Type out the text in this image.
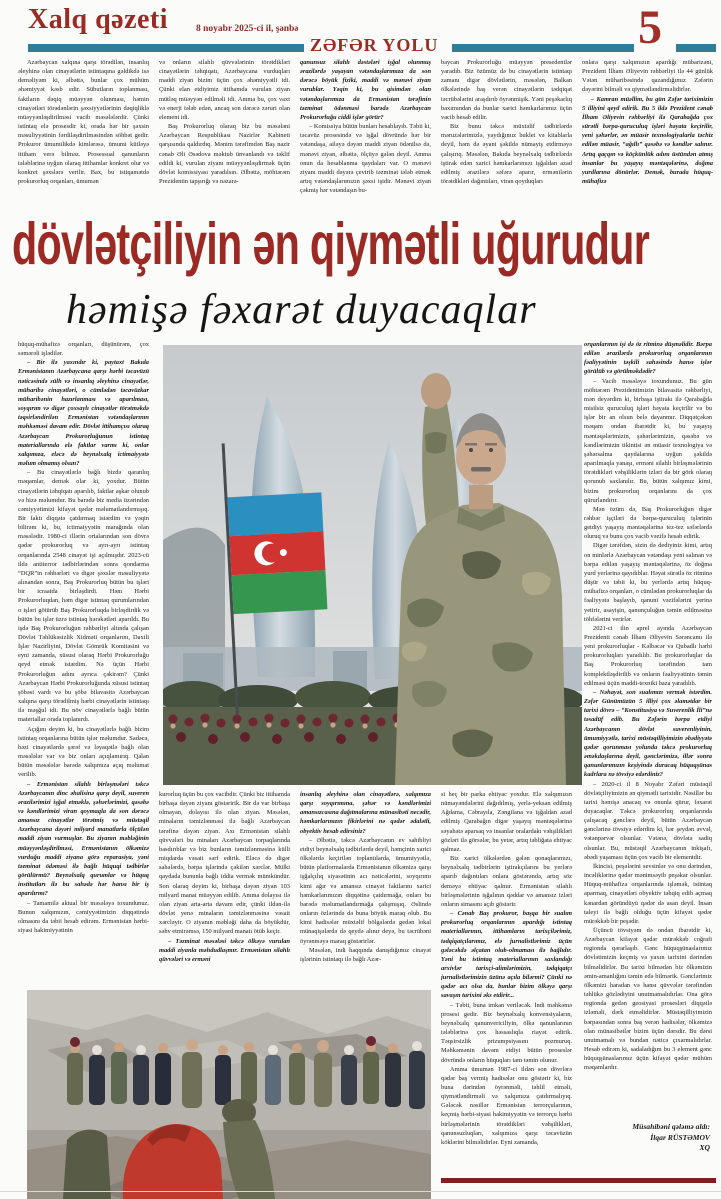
Xalq qəzeti	8 noyabr 2025-ci il, şənbə
ZƏFƏR YOLU	5

Azərbaycan xalqına qarşı törədilən, insanlıq əleyhinə olan cinayətlərin istintaqına gəldikdə isə deməliyəm ki, əlbəttə, bunlar çox mühüm əhəmiyyət kəsb edir. Sübutların toplanması, faktların dəqiq müəyyən olunması, həmin cinayətləri törədənlərin şəxsiyyətlərinin dəqiqliklə müəyyənləşdirilməsi vacib məsələlərdir. Çünki istintaq elə prosesdir ki, orada hər bir şəxsin məsuliyyətinin fərdiləşdirilməsindən söhbət gedir. Prokuror ümumilikdə kimlərəsə, ümumi kütləyə ittiham verə bilməz. Prosessual qanunların tələblərinə uyğun olaraq ittihamlar konkret olur və konkret şəxslərə verilir. Bax, bu istiqamətdə prokurorluq orqanları, ümumən

və onların silahlı qüvvələrinin törətdikləri cinayətlərin təhqiqatı, Azərbaycana vurduqları maddi ziyan bizim üçün çox əhəmiyyətli idi. Çünki elan etdiyimiz ittihamda vurulan ziyan mütləq müəyyən edilməli idi. Amma bu, çox vaxt və enerji tələb edən, ancaq son dərəcə zəruri olan element idi.

Baş Prokurorluq olaraq biz bu məsələni Azərbaycan Respublikası Nazirlər Kabineti qarşısında qaldırdıq. Mənim tərəfimdən Baş nazir cənab Əli Əsədova məktub ünvanlandı və təklif edildi ki, vurulan ziyanı müəyyənləşdirmək üçün dövlət komissiyası yaradılsın. Əlbəttə, möhtərəm Prezidentin tapşırığı və nəzarə-

qanunsuz silahlı dəstələri işğal olunmuş ərazilərdə yaşayan vətəndaşlarımıza da son dərəcə böyük fiziki, maddi və mənəvi ziyan vurublar. Yəqin ki, bu qisimdən olan vətəndaşlarımıza da Ermənistan tərəfinin təzminat ödənməsi barədə Azərbaycan Prokurorluğu ciddi işlər görür?

– Komissiya bütün bunları hesablayıb. Təbii ki, təcavüz prosesində və işğal dövründə hər bir vətəndaşa, ailəyə dəyən maddi ziyan ödənilsə də, mənəvi ziyan, əlbəttə, ölçüyə gələn deyil. Amma onun da hesablanma qaydaları var. O mənəvi ziyanı maddi dəyərə çevirib təzminat tələb etmək artıq vətəndaşlarımızın şəxsi işidir. Mənəvi ziyan çəkmiş hər vətəndaşın bu-

baycan Prokurorluğu müəyyən presedentlər yaradıb. Biz özümüz də bu cinayətlərin istintaqı zamanı digər dövlətlərin, məsələn, Balkan ölkələrində baş verən cinayətlərin tədqiqat təcrübələrini araşdırıb öyrənmişik. Yəni peşəkarlıq baxımından da bunlar xarici həmkarlarımız üçün vacib hesab edilir.

Biz bunu təkcə müxtəlif tədbirlərdə məruzələrimizlə, yaydığımız buklet və kitablarla deyil, həm də əyani şəkildə nümayiş etdirməyə çalışırıq. Məsələn, Bakıda beynəlxalq tədbirlərdə iştirak edən xarici həmkarlarımızı işğaldan azad edilmiş ərazilərə səfərə aparır, ermənilərin törətdikləri dağıntıları, viran qoyduqları

onlara qarşı xalqımızın apardığı mübarizəni, Prezident İlham Əliyevin rəhbərliyi ilə 44 günlük Vətən müharibəsində qazandığımız Zəfərin dəyərini bilməli və qiymətləndirməlidirlər.

– Kamran müəllim, bu gün Zəfər tariximizin 5 illiyini qeyd edirik. Bu 5 ildə Prezident cənab İlham Əliyevin rəhbərliyi ilə Qarabağda çox sürətli bərpa-quruculuq işləri həyata keçirilir, yeni şəhərlər, ən müasir texnologiyalarla təchiz edilən müasir, “ağıllı” qəsəbə və kəndlər salınır. Artıq qaçqın və köçkünlük adını üstündən atmış insanlar bu yaşayış məntəqələrinə, doğma yurdlarına dönürlər. Demək, burada hüquq-mühafizə

dövlətçiliyin ən qiymətli uğurudur
həmişə fəxarət duyacaqlar

hüquq-mühafizə orqanları, düşünürəm, çox səmərəli işlədilər.

– Bir ilə yaxındır ki, paytaxt Bakıda Ermənistanın Azərbaycana qarşı hərbi təcavüzü nəticəsində sülh və insanlıq əleyhinə cinayətlər, müharibə cinayətləri, o cümlədən təcavüzkar müharibənin hazırlanması və aparılması, soyqırım və digər çoxsaylı cinayətlər törətməkdə təqsirləndirilən Ermənistan vətəndaşlarının məhkəməsi davam edir. Dövlət ittihamçısı olaraq Azərbaycan Prokurorluğunun istintaq materiallarında elə faktlar varmı ki, onlar xalqımıza, eləcə də beynəlxalq ictimaiyyətə məlum olmamış olsun?

– Bu cinayətlərlə bağlı bizdə qaranlıq məqamlar, demək olar ki, yoxdur. Bütün cinayətlərin təhqiqatı aparılıb, faktlar aşkar olunub və bizə məlumdur. Bu barədə biz media üzərindən cəmiyyətimizi kifayət qədər məlumatlandırmışıq. Bir faktı diqqətə çatdırmaq istərdim və yəqin bilirəm ki, bu, ictimaiyyətin marağında olan məsələdir. 1980-ci illərin ortalarından son dövrə qədər prokurorluq və ayrı-ayrı istintaq orqanlarında 2548 cinayət işi açılmışdır. 2023-cü ildə antiterror tədbirlərindən sonra qondarma “DQR”in rəhbərləri və digər şəxslər məsuliyyətə alınandan sonra, Baş Prokurorluq bütün bu işləri bir icraatda birləşdirdi. Həm Hərbi Prokurorluqdan, həm digər istintaq qurumlarından o işləri götürüb Baş Prokurorluqda birləşdirdik və bütün bu işlər üzrə istintaq hərəkətləri aparıldı. Bu işdə Baş Prokurorluğun rəhbərliyi altında çalışan Dövlət Təhlükəsizlik Xidməti orqanlarını, Daxili İşlər Nazirliyini, Dövlət Gömrük Komitəsini və eyni zamanda, xüsusi olaraq Hərbi Prokurorluğu qeyd etmək istərdim. Nə üçün Hərbi Prokurorluğun adını ayrıca çəkirəm? Çünki Azərbaycan Hərbi Prokurorluğunda xüsusi istintaq şöbəsi vardı və bu şöbə bilavasitə Azərbaycan xalqına qarşı törədilmiş hərbi cinayətlərin istintaqı ilə məşğul idi. Bu növ cinayətlərlə bağlı bütün materiallar orada toplanırdı.

Açığını deyim ki, bu cinayətlərlə bağlı bizim istintaq orqanlarına bütün işlər məlumdur. Sadəcə, bəzi cinayətlərdə şərəf və ləyaqətlə bağlı olan məsələlər var və biz onları açıqlamırıq. Qalan bütün məsələlər barədə xalqımıza açıq məlumat verilib.

– Ermənistan silahlı birləşmələri təkcə Azərbaycanın dinc əhalisinə qarşı deyil, suveren ərazilərimizi işğal etməklə, şəhərlərimizi, qəsəbə və kəndlərimizi viran qoymaqla da son dərəcə amansız cinayətlər törətmiş və müstəqil Azərbaycana dəyəri milyard manatlarla ölçülən maddi ziyan vurmuşlar. Bu ziyanın məbləğinin müəyyənləşdirilməsi, Ermənistanın ölkəmizə vurduğu maddi ziyana görə reparasiya, yəni təzminat ödəməsi ilə bağlı hüquqi tədbirlər görülürmü? Beynəlxalq qurumlar və hüquq institutları ilə bu sahədə hər hansı bir iş aparılırmı?

– Tamamilə aktual bir məsələyə toxundunuz. Bunun xalqımızın, cəmiyyətimizin diqqətində olmasını da təbii hesab edirəm. Ermənistan hərbi-siyasi hakimiyyətinin

kurorluq üçün bu çox vacibdir. Çünki biz ittihamda birbaşa dəyən ziyanı göstəririk. Bir də var birbaşa olmayan, dolayısı ilə olan ziyan. Məsələn, minaların təmizlənməsi ilə bağlı Azərbaycan tərəfinə dəyən ziyan. Axı Ermənistan silahlı qüvvələri bu minaları Azərbaycan torpaqlarında basdırıblar və biz bunların təmizlənməsinə külli miqdarda vəsait sərf edirik. Eləcə də digər sahələrdə, bərpa işlərində çəkilən xərclər. Mülki qaydada bununla bağlı iddia vermək mümkündür. Son olaraq deyim ki, birbaşa dəyən ziyan 103 milyard manat müəyyən edilib. Amma dolayısı ilə olan ziyan arta-arta davam edir, çünki ildən-ilə dövlət yenə minaların təmizlənməsinə vəsait xərcləyir. O ziyanın məbləği daha da böyükdür, səhv etmirəmsə, 150 milyard manatı ötüb keçir.

– Təzminat məsələsi təkcə ölkəyə vurulan maddi ziyanla məhdudlaşmır. Ermənistan silahlı qüvvələri və erməni

insanlıq əleyhinə olan cinayətlərə, xalqımıza qarşı soyqırımına, şəhər və kəndlərimizi amansızcasına dağıtmalarına münasibəti necədir, həmkarlarınızın fikirlərini nə qədər ədalətli, obyektiv hesab edirsiniz?

– Əlbəttə, təkcə Azərbaycanın ev sahibliyi etdiyi beynəlxalq tədbirlərdə deyil, həmçinin xarici ölkələrdə keçirilən toplantılarda, ümumiyyətlə, bütün platformalarda Ermənistanın ölkəmizə qarşı işğalçılıq siyasətinin acı nəticələrini, soyqırımı kimi ağır və amansız cinayət faktlarını xarici həmkarlarımızın diqqətinə çatdırmağa, onları bu barədə məlumatlandırmağa çalışmışıq. Əslində onların özlərində də buna böyük maraq olub. Bu kimi hadisələr müxtəlif bölgələrdə gedən lokal münaqişələrdə də qeydə alınır deyə, bu təcrübəni öyrənməyə maraq göstərirlər.

Məsələn, indi haqqında danışdığımız cinayət işlərinin istintaqı ilə bağlı Azər-

si heç bir parka ehtiyac yoxdur. Elə xalqımızın nümayəndələrini dağıdılmış, yerlə-yeksan edilmiş Ağdama, Cəbrayıla, Zəngilana və işğaldan azad edilmiş Qarabağın digər yaşayış məntəqələrinə səyahətə aparsaq və insanlar oralardakı vəhşilikləri gözləri ilə görsələr, bu yetər, artıq təbliğata ehtiyac qalmaz.

Biz xarici ölkələrdən gələn qonaqlarımızı, beynəlxalq tədbirlərin iştirakçılarını bu yerlərə aparıb dağıntıları onlara göstərəndə, artıq söz deməyə ehtiyac qalmır. Ermənistan silahlı birləşmələrinin işğalının qəddar və amansız izləri onların simasını açıb göstərir.

– Cənab Baş prokuror, başqa bir sualım prokurorluq orqanlarının apardığı istintaq materiallarının, ittihamların tarixçilərimiz, tədqiqatçılarımız, elə jurnalistlərimiz üçün gələcəkdə əlçatan olub-olmaması ilə bağlıdır. Yəni bu istintaq materiallarının saxlandığı arxivlər tarixçi-alimlərimizin, tədqiqatçı jurnalistlərimizin üzünə açıla bilərmi? Çünki nə qədər acı olsa da, bunlar bizim ölkəyə qarşı savaşın tarixini əks etdirir...

– Təbii, buna imkan veriləcək. İndi məhkəmə prosesi gedir. Biz beynəlxalq konvensiyaların, beynəlxalq qanunvericiliyin, ölkə qanunlarının tələblərinə çox həssaslıqla riayət edirik. Təqsirsizlik prizumpsiyasını pozmuruq. Məhkəmənin davam etdiyi bütün proseslər dövründə onların hüquqları tam təmin olunur.

Amma ümumən 1987-ci ildən son dövrlərə qədər baş vermiş hadisələr onu göstərir ki, biz buna dərindən öyrənməli, təhlil etməli, qiymətləndirməli və xalqımıza çatdırmalıyıq. Gələcək nəsillər Ermənistan terrorçularının, keçmiş hərbi-siyasi hakimiyyətin və terrorçu hərbi birləşmələrinin törətdikləri vəhşilikləri, qanunsuzluqları, xalqımıza qarşı təcavüzün köklərini bilməlidirlər. Eyni zamanda,

orqanlarının işi də öz ritminə düşməlidir. Bərpa edilən ərazilərdə prokurorluq orqanlarının fəaliyyətinin təşkili sahəsində hansı işlər görülüb və görülməkdədir?

– Vacib məsələyə toxundunuz. Bu gün möhtərəm Prezidentimizin bilavasitə rəhbərliyi, mən deyərdim ki, birbaşa iştirakı ilə Qarabağda misilsiz quruculuq işləri həyata keçirilir və bu işlər bir an olsun belə dayanmır. Diqqətçəkən məqam ondan ibarətdir ki, bu yaşayış məntəqələrimizin, şəhərlərimizin, qəsəbə və kəndlərimizin tikintisi ən müasir texnologiya və şəhərsalma qaydalarına uyğun şəkildə aparılmaqla yanaşı, erməni silahlı birləşmələrinin törətdikləri vəhşiliklərin izləri də bir görk olaraq qorunub saxlanılır. Bu, bütün xalqımız kimi, bizim prokurorluq orqanlarını da çox qürurlandırır.

Mən özüm də, Baş Prokurorluğun digər rəhbər işçiləri də bərpa-quruculuq işlərinin getdiyi yaşayış məntəqələrinə tez-tez səfərlərdə oluruq və bunu çox vacib vəzifə hesab edirik.

Digər tərəfdən, sizin də dediyiniz kimi, artıq on minlərlə Azərbaycan vətəndaşı yeni salınan və bərpa edilən yaşayış məntəqələrinə, öz doğma yurd yerlərinə qayıdıblar. Həyat sürətlə öz ritminə düşür və təbii ki, bu yerlərdə artıq hüquq-mühafizə orqanları, o cümlədən prokurorluqlar da fəaliyyətə başlayıb, qanuni vəzifələrini yerinə yetirir, asayişin, qanunçuluğun təmin edilməsinə töhfələrini verirlər.

2021-ci ilin aprel ayında Azərbaycan Prezidenti cənab İlham Əliyevin Sərəncamı ilə yeni prokurorluqlar - Kəlbəcər və Qubadlı hərbi prokurorluqları yaradılıb. Bu prokurorluqlar da Baş Prokurorluq tərəfindən tam komplektləşdirilib və onların fəaliyyətinin təmin edilməsi üçün maddi-texniki baza yaradılıb.

– Nəhayət, son sualımızı vermək istərdim. Zəfər Günümüzün 5 illiyi çox əlamətdar bir tarixi dövrə – “Konstitusiya və Suverenlik İli”nə təsadüf edib. Bu Zəfərin bərpa etdiyi Azərbaycanın dövlət suverenliyinin, ümumiyyətlə, tarixi müstəqilliyimizin əbədiyyətə qədər qorunması yolunda təkcə prokurorluq əməkdaşlarına deyil, gənclərimizə, illər sonra qanunlarımızın keşiyində duracaq hüquqşünas kadrlara nə tövsiyə edərdiniz?

– 2020-ci il 8 Noyabr Zəfəri müstəqil dövlətçiliyimizin ən qiymətli tarixidir. Nəsillər bu tarixi həmişə anacaq və onunla qürur, fəxarət duyacaqlar. Təkcə prokurorluq orqanlarında çalışacaq gənclərə deyil, bütün Azərbaycan gənclərinə tövsiyə edərdim ki, hər şeydən əvvəl, vətənpərvər olsunlar. Vətənə, dövlətə sadiq olsunlar. Bu, müstəqil Azərbaycanın inkişafı, əbədi yaşaması üçün çox vacib bir elementdir.

İkincisi, peşələrini sevsinlər və onu dərindən, incəliklərinə qədər mənimsəyib peşəkar olsunlar. Hüquq-mühafizə orqanlarında işləmək, istintaq aparmaq, cinayətləri obyektiv təhqiq edib açmaq kənardan göründüyü qədər də asan deyil. İnsan taleyi ilə bağlı olduğu üçün kifayət qədər mürəkkəb bir peşədir.

Üçüncü tövsiyəm də ondan ibarətdir ki, Azərbaycan kifayət qədər mürəkkəb coğrafi regionda qərarlaşıb. Gənc hüquqşünaslarımız dövlətimizin keçmiş və yaxın tarixini dərindən bilməlidirlər. Bu tarixi bilmədən biz ölkəmizin əmin-amanlığını təmin edə bilmərik. Gənclərimiz ölkəmizi haradan və hansı qüvvələr tərəfindən təhlükə gözlədiyini unutmamalıdırlar. Ona görə regionda gedən geosiyasi prosesləri diqqətlə izləməli, dərk etməlidirlər. Müstəqilliyimizin bərpasından sonra baş verən hadisələr, ölkəmizə olan münasibətlər bizim üçün dərsdir. Bu dərsi unutmamalı və bundan nəticə çıxarmalıdırlar. Hesab edirəm ki, sadaladığım bu 3 element gənc hüquqşünaslarımız üçün kifayət qədər mühüm məqamlardır.

Müsahibəni qələmə aldı:
İlqar RÜSTƏMOV
XQ
